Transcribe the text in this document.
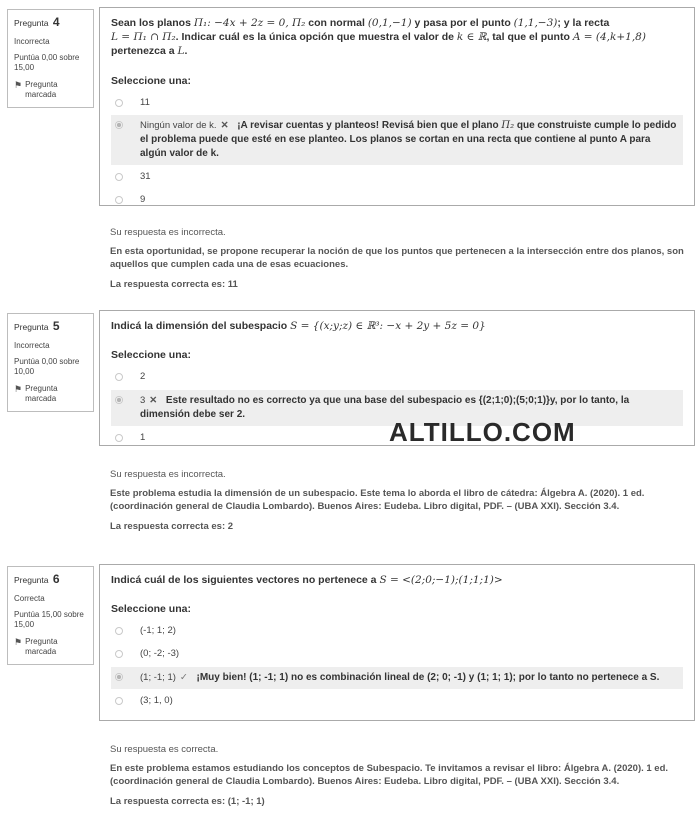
Pregunta 4
Incorrecta
Puntúa 0,00 sobre 15,00
⚑ Pregunta marcada
Sean los planos Π₁: −4x + 2z = 0, Π₂ con normal (0,1,−1) y pasa por el punto (1,1,−3); y la recta
L = Π₁ ∩ Π₂. Indicar cuál es la única opción que muestra el valor de k ∈ ℝ, tal que el punto A = (4,k+1,8)
pertenezca a L.
Seleccione una:
11
Ningún valor de k. ✕ ¡A revisar cuentas y planteos! Revisá bien que el plano Π₂ que construiste cumple lo pedido el problema puede que esté en ese planteo. Los planos se cortan en una recta que contiene al punto A para algún valor de k.
31
9
Su respuesta es incorrecta.
En esta oportunidad, se propone recuperar la noción de que los puntos que pertenecen a la intersección entre dos planos, son aquellos que cumplen cada una de esas ecuaciones.
La respuesta correcta es: 11
Pregunta 5
Incorrecta
Puntúa 0,00 sobre 10,00
⚑ Pregunta marcada
Indicá la dimensión del subespacio S = {(x;y;z) ∈ ℝ³: −x + 2y + 5z = 0}
Seleccione una:
2
3 ✕ Este resultado no es correcto ya que una base del subespacio es {(2;1;0);(5;0;1)}y, por lo tanto, la dimensión debe ser 2.
1	ALTILLO.COM
Su respuesta es incorrecta.
Este problema estudia la dimensión de un subespacio. Este tema lo aborda el libro de cátedra: Álgebra A. (2020). 1 ed. (coordinación general de Claudia Lombardo). Buenos Aires: Eudeba. Libro digital, PDF. – (UBA XXI). Sección 3.4.
La respuesta correcta es: 2
Pregunta 6
Correcta
Puntúa 15,00 sobre 15,00
⚑ Pregunta marcada
Indicá cuál de los siguientes vectores no pertenece a S = <(2;0;−1);(1;1;1)>
Seleccione una:
(-1; 1; 2)
(0; -2; -3)
(1; -1; 1) ✓ ¡Muy bien! (1; -1; 1) no es combinación lineal de (2; 0; -1) y (1; 1; 1); por lo tanto no pertenece a S.
(3; 1, 0)
Su respuesta es correcta.
En este problema estamos estudiando los conceptos de Subespacio. Te invitamos a revisar el libro: Álgebra A. (2020). 1 ed. (coordinación general de Claudia Lombardo). Buenos Aires: Eudeba. Libro digital, PDF. – (UBA XXI). Sección 3.4.
La respuesta correcta es: (1; -1; 1)
